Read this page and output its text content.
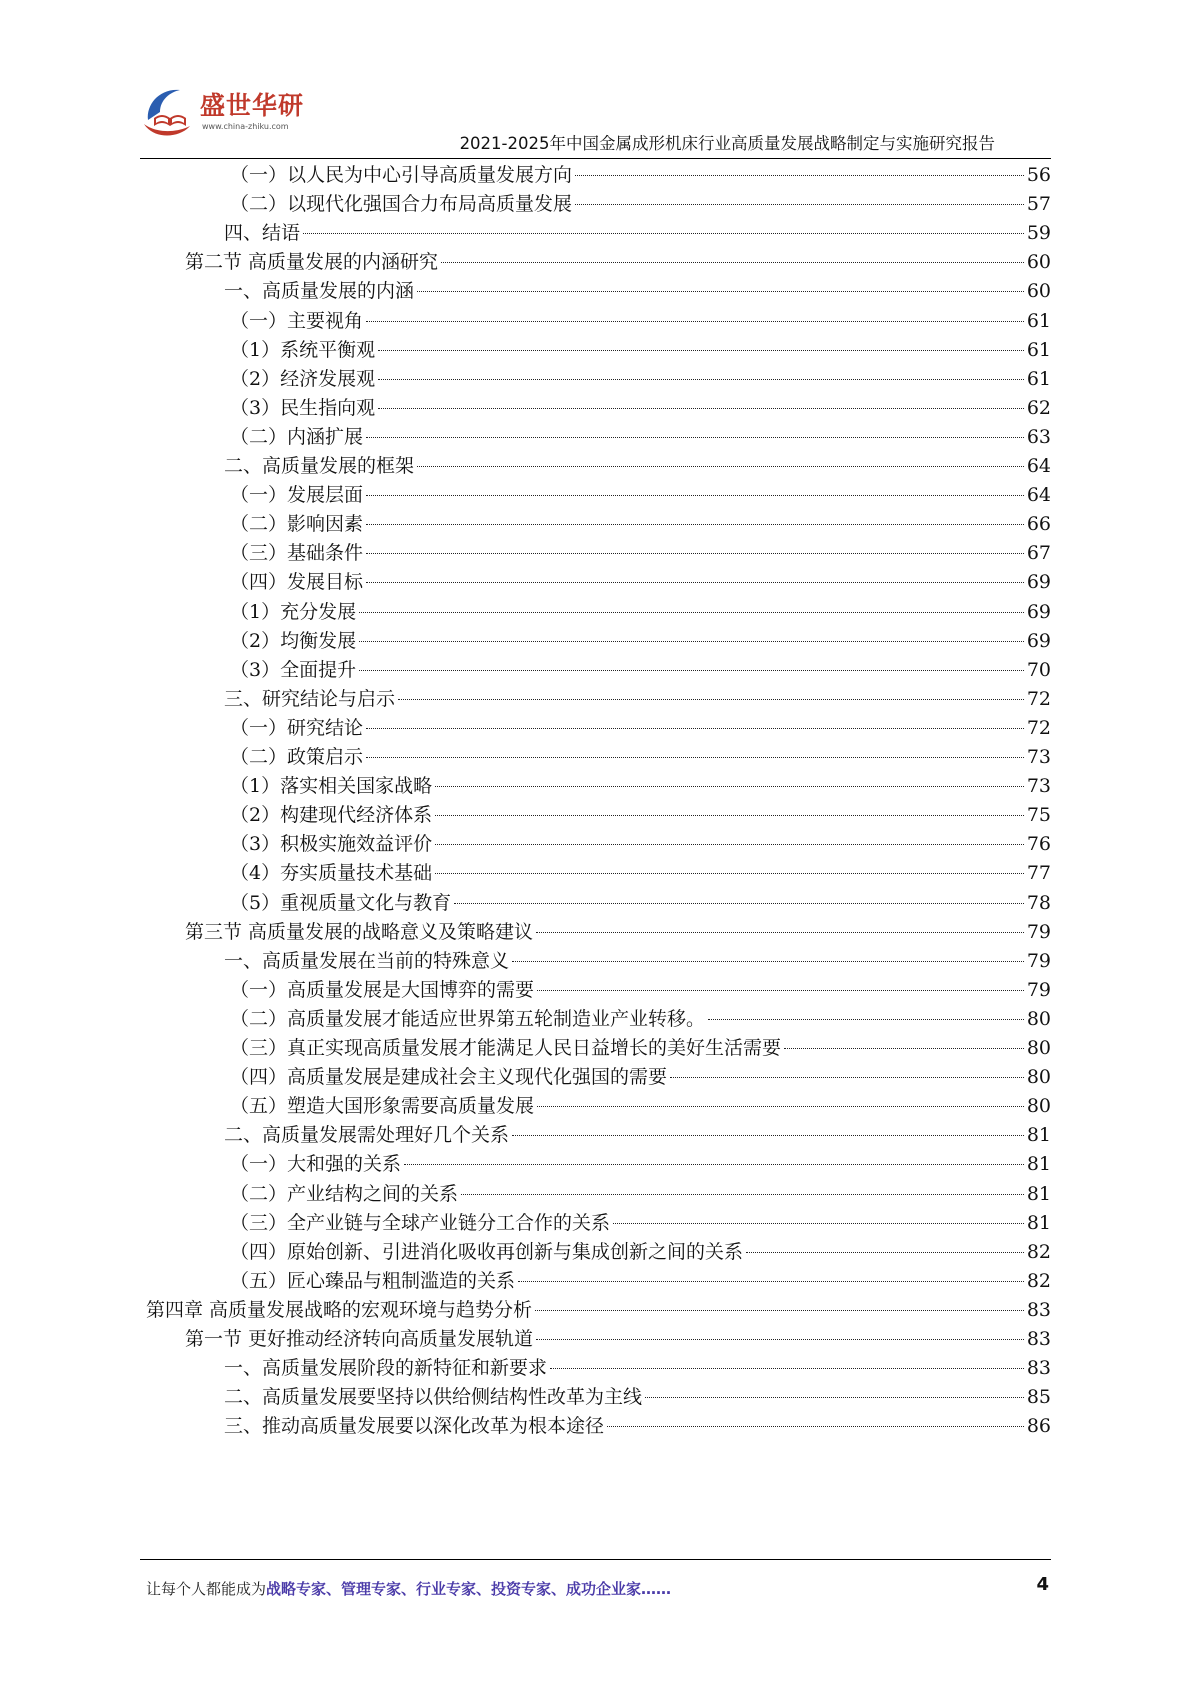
盛世华研
www.china-zhiku.com
2021-2025年中国金属成形机床行业高质量发展战略制定与实施研究报告
（一）以人民为中心引导高质量发展方向	56
（二）以现代化强国合力布局高质量发展	57
四、结语	59
第二节 高质量发展的内涵研究	60
一、高质量发展的内涵	60
（一）主要视角	61
（1）系统平衡观	61
（2）经济发展观	61
（3）民生指向观	62
（二）内涵扩展	63
二、高质量发展的框架	64
（一）发展层面	64
（二）影响因素	66
（三）基础条件	67
（四）发展目标	69
（1）充分发展	69
（2）均衡发展	69
（3）全面提升	70
三、研究结论与启示	72
（一）研究结论	72
（二）政策启示	73
（1）落实相关国家战略	73
（2）构建现代经济体系	75
（3）积极实施效益评价	76
（4）夯实质量技术基础	77
（5）重视质量文化与教育	78
第三节 高质量发展的战略意义及策略建议	79
一、高质量发展在当前的特殊意义	79
（一）高质量发展是大国博弈的需要	79
（二）高质量发展才能适应世界第五轮制造业产业转移。	80
（三）真正实现高质量发展才能满足人民日益增长的美好生活需要	80
（四）高质量发展是建成社会主义现代化强国的需要	80
（五）塑造大国形象需要高质量发展	80
二、高质量发展需处理好几个关系	81
（一）大和强的关系	81
（二）产业结构之间的关系	81
（三）全产业链与全球产业链分工合作的关系	81
（四）原始创新、引进消化吸收再创新与集成创新之间的关系	82
（五）匠心臻品与粗制滥造的关系	82
第四章 高质量发展战略的宏观环境与趋势分析	83
第一节 更好推动经济转向高质量发展轨道	83
一、高质量发展阶段的新特征和新要求	83
二、高质量发展要坚持以供给侧结构性改革为主线	85
三、推动高质量发展要以深化改革为根本途径	86
让每个人都能成为战略专家、管理专家、行业专家、投资专家、成功企业家……	4
